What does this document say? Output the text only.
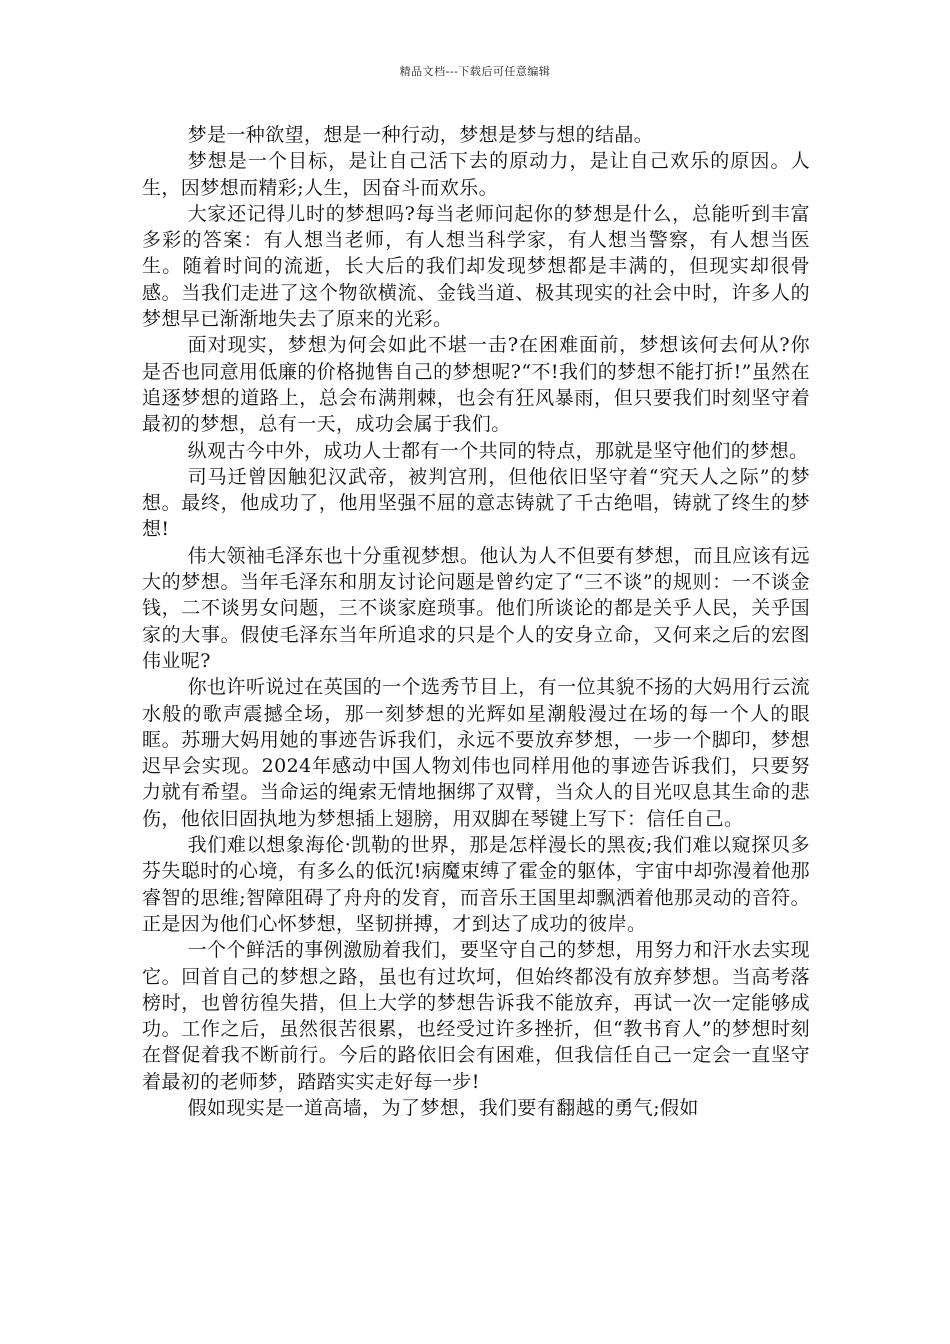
精品文档---下载后可任意编辑

梦是一种欲望，想是一种行动，梦想是梦与想的结晶。

梦想是一个目标，是让自己活下去的原动力，是让自己欢乐的原因。人生，因梦想而精彩;人生，因奋斗而欢乐。

大家还记得儿时的梦想吗?每当老师问起你的梦想是什么，总能听到丰富多彩的答案：有人想当老师，有人想当科学家，有人想当警察，有人想当医生。随着时间的流逝，长大后的我们却发现梦想都是丰满的，但现实却很骨感。当我们走进了这个物欲横流、金钱当道、极其现实的社会中时，许多人的梦想早已渐渐地失去了原来的光彩。

面对现实，梦想为何会如此不堪一击?在困难面前，梦想该何去何从?你是否也同意用低廉的价格抛售自己的梦想呢?“不!我们的梦想不能打折!”虽然在追逐梦想的道路上，总会布满荆棘，也会有狂风暴雨，但只要我们时刻坚守着最初的梦想，总有一天，成功会属于我们。

纵观古今中外，成功人士都有一个共同的特点，那就是坚守他们的梦想。

司马迁曾因触犯汉武帝，被判宫刑，但他依旧坚守着“究天人之际”的梦想。最终，他成功了，他用坚强不屈的意志铸就了千古绝唱，铸就了终生的梦想!

伟大领袖毛泽东也十分重视梦想。他认为人不但要有梦想，而且应该有远大的梦想。当年毛泽东和朋友讨论问题是曾约定了“三不谈”的规则：一不谈金钱，二不谈男女问题，三不谈家庭琐事。他们所谈论的都是关乎人民，关乎国家的大事。假使毛泽东当年所追求的只是个人的安身立命，又何来之后的宏图伟业呢?

你也许听说过在英国的一个选秀节目上，有一位其貌不扬的大妈用行云流水般的歌声震撼全场，那一刻梦想的光辉如星潮般漫过在场的每一个人的眼眶。苏珊大妈用她的事迹告诉我们，永远不要放弃梦想，一步一个脚印，梦想迟早会实现。2024年感动中国人物刘伟也同样用他的事迹告诉我们，只要努力就有希望。当命运的绳索无情地捆绑了双臂，当众人的目光叹息其生命的悲伤，他依旧固执地为梦想插上翅膀，用双脚在琴键上写下：信任自己。

我们难以想象海伦·凯勒的世界，那是怎样漫长的黑夜;我们难以窥探贝多芬失聪时的心境，有多么的低沉!病魔束缚了霍金的躯体，宇宙中却弥漫着他那睿智的思维;智障阻碍了舟舟的发育，而音乐王国里却飘洒着他那灵动的音符。正是因为他们心怀梦想，坚韧拼搏，才到达了成功的彼岸。

一个个鲜活的事例激励着我们，要坚守自己的梦想，用努力和汗水去实现它。回首自己的梦想之路，虽也有过坎坷，但始终都没有放弃梦想。当高考落榜时，也曾彷徨失措，但上大学的梦想告诉我不能放弃，再试一次一定能够成功。工作之后，虽然很苦很累，也经受过许多挫折，但“教书育人”的梦想时刻在督促着我不断前行。今后的路依旧会有困难，但我信任自己一定会一直坚守着最初的老师梦，踏踏实实走好每一步!

假如现实是一道高墙，为了梦想，我们要有翻越的勇气;假如
